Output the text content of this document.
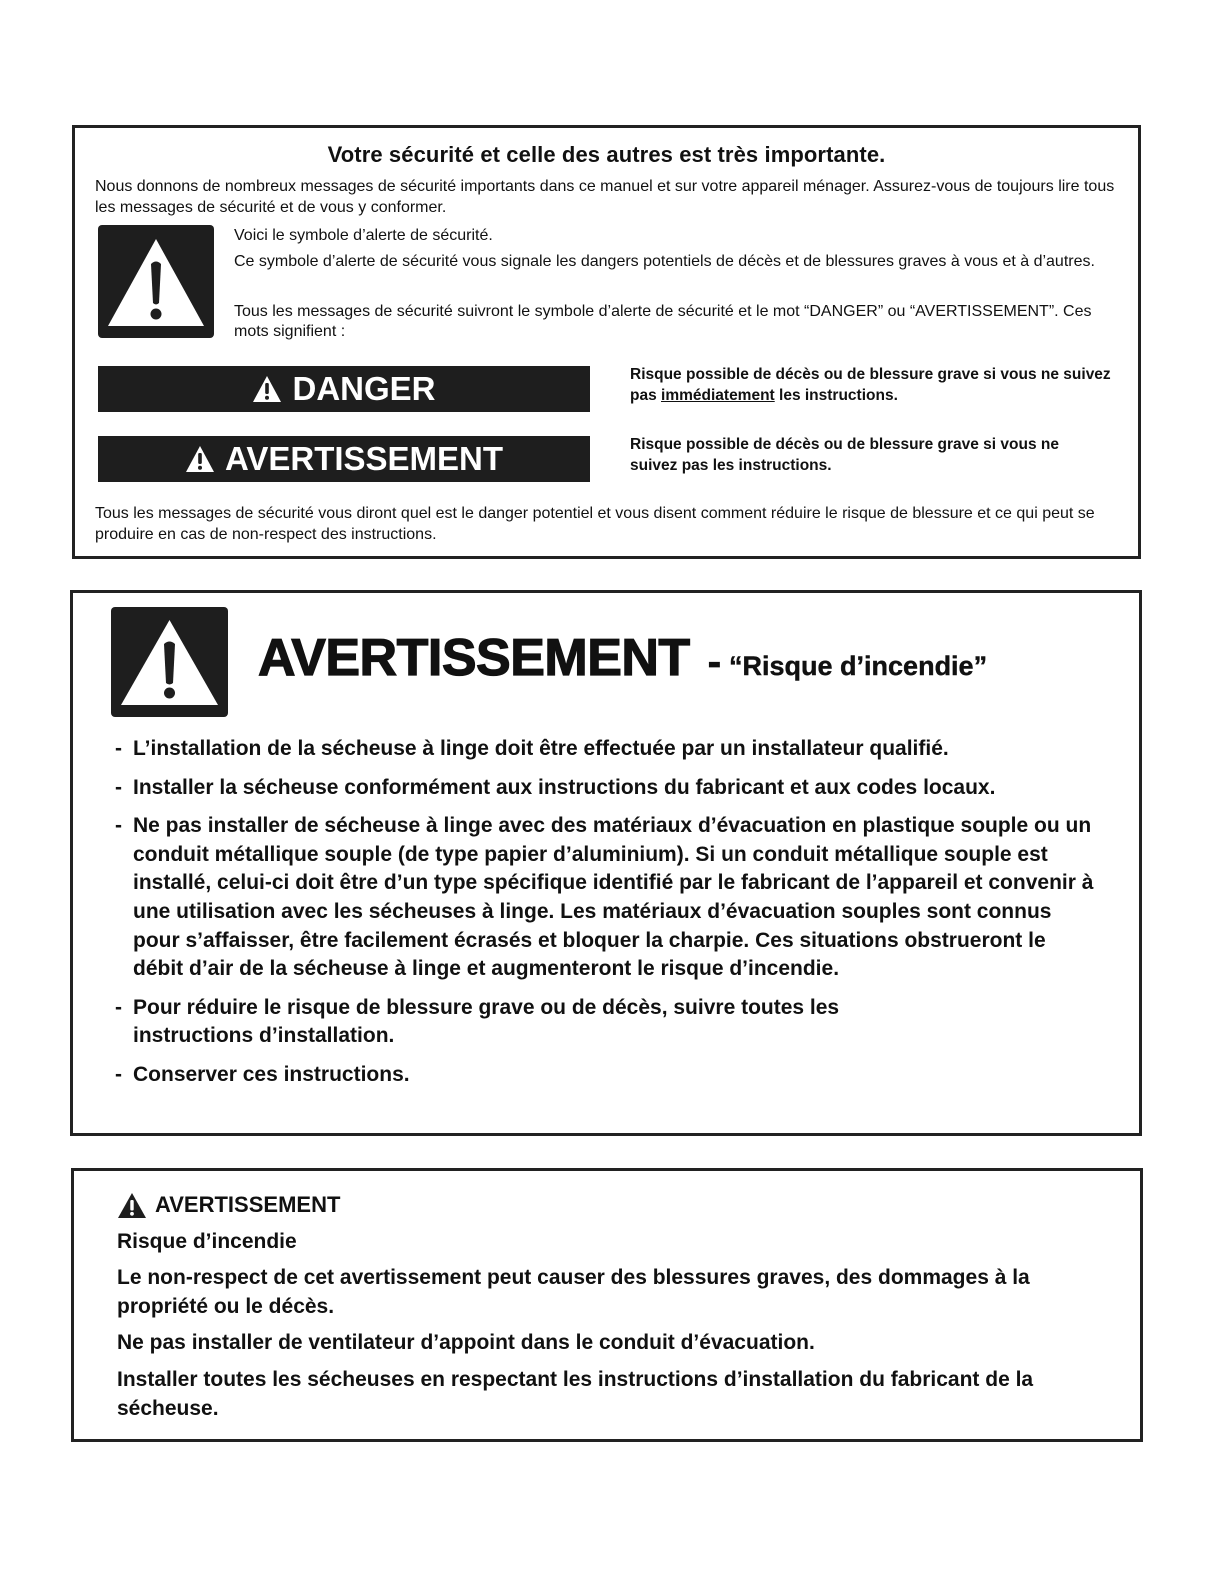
Votre sécurité et celle des autres est très importante.
Nous donnons de nombreux messages de sécurité importants dans ce manuel et sur votre appareil ménager. Assurez-vous de toujours lire tous les messages de sécurité et de vous y conformer.
Voici le symbole d’alerte de sécurité.
Ce symbole d’alerte de sécurité vous signale les dangers potentiels de décès et de blessures graves à vous et à d’autres.
Tous les messages de sécurité suivront le symbole d’alerte de sécurité et le mot “DANGER” ou “AVERTISSEMENT”. Ces mots signifient :
DANGER	Risque possible de décès ou de blessure grave si vous ne suivez pas immédiatement les instructions.
AVERTISSEMENT	Risque possible de décès ou de blessure grave si vous ne suivez pas les instructions.
Tous les messages de sécurité vous diront quel est le danger potentiel et vous disent comment réduire le risque de blessure et ce qui peut se produire en cas de non-respect des instructions.
AVERTISSEMENT - “Risque d’incendie”
- L’installation de la sécheuse à linge doit être effectuée par un installateur qualifié.
- Installer la sécheuse conformément aux instructions du fabricant et aux codes locaux.
- Ne pas installer de sécheuse à linge avec des matériaux d’évacuation en plastique souple ou un conduit métallique souple (de type papier d’aluminium). Si un conduit métallique souple est installé, celui-ci doit être d’un type spécifique identifié par le fabricant de l’appareil et convenir à une utilisation avec les sécheuses à linge. Les matériaux d’évacuation souples sont connus pour s’affaisser, être facilement écrasés et bloquer la charpie. Ces situations obstrueront le débit d’air de la sécheuse à linge et augmenteront le risque d’incendie.
- Pour réduire le risque de blessure grave ou de décès, suivre toutes les instructions d’installation.
- Conserver ces instructions.
AVERTISSEMENT

Risque d’incendie

Le non-respect de cet avertissement peut causer des blessures graves, des dommages à la propriété ou le décès.

Ne pas installer de ventilateur d’appoint dans le conduit d’évacuation.

Installer toutes les sécheuses en respectant les instructions d’installation du fabricant de la sécheuse.
